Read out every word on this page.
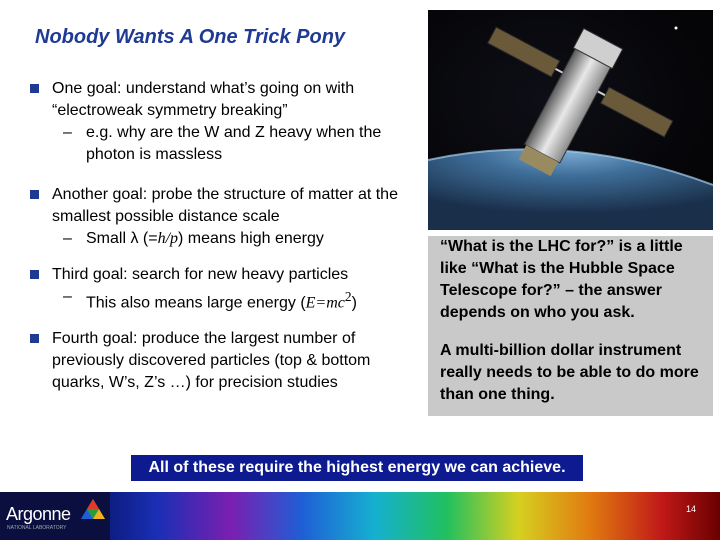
Nobody Wants A One Trick Pony
One goal: understand what’s going on with “electroweak symmetry breaking”
– e.g. why are the W and Z heavy when the photon is massless
Another goal: probe the structure of matter at the smallest possible distance scale
– Small λ (=h/p) means high energy
Third goal: search for new heavy particles
– This also means large energy $(E=mc^2)$
Fourth goal: produce the largest number of previously discovered particles (top & bottom quarks, W’s, Z’s …) for precision studies

“What is the LHC for?” is a little like “What is the Hubble Space Telescope for?” – the answer depends on who you ask.

A multi-billion dollar instrument really needs to be able to do more than one thing.

All of these require the highest energy we can achieve.
Argonne
NATIONAL LABORATORY
14
